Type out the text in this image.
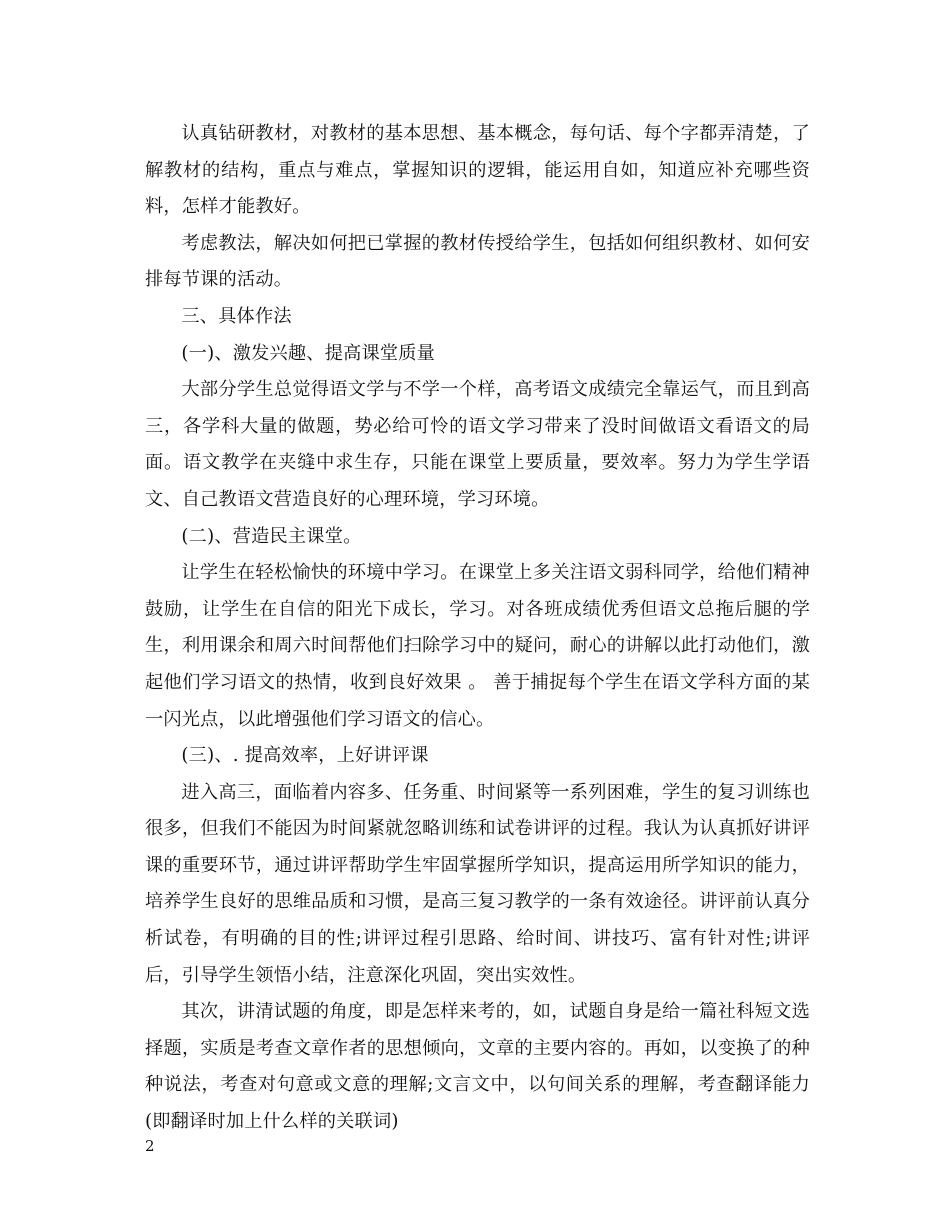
认真钻研教材，对教材的基本思想、基本概念，每句话、每个字都弄清楚，了解教材的结构，重点与难点，掌握知识的逻辑，能运用自如，知道应补充哪些资料，怎样才能教好。

考虑教法，解决如何把已掌握的教材传授给学生，包括如何组织教材、如何安排每节课的活动。

三、具体作法

(一)、激发兴趣、提高课堂质量

大部分学生总觉得语文学与不学一个样，高考语文成绩完全靠运气，而且到高三，各学科大量的做题，势必给可怜的语文学习带来了没时间做语文看语文的局面。语文教学在夹缝中求生存，只能在课堂上要质量，要效率。努力为学生学语文、自己教语文营造良好的心理环境，学习环境。

(二)、营造民主课堂。

让学生在轻松愉快的环境中学习。在课堂上多关注语文弱科同学，给他们精神鼓励，让学生在自信的阳光下成长，学习。对各班成绩优秀但语文总拖后腿的学生，利用课余和周六时间帮他们扫除学习中的疑问，耐心的讲解以此打动他们，激起他们学习语文的热情，收到良好效果 。 善于捕捉每个学生在语文学科方面的某一闪光点，以此增强他们学习语文的信心。

(三)、. 提高效率，上好讲评课

进入高三，面临着内容多、任务重、时间紧等一系列困难，学生的复习训练也很多，但我们不能因为时间紧就忽略训练和试卷讲评的过程。我认为认真抓好讲评课的重要环节，通过讲评帮助学生牢固掌握所学知识，提高运用所学知识的能力，培养学生良好的思维品质和习惯，是高三复习教学的一条有效途径。讲评前认真分析试卷，有明确的目的性;讲评过程引思路、给时间、讲技巧、富有针对性;讲评后，引导学生领悟小结，注意深化巩固，突出实效性。

其次，讲清试题的角度，即是怎样来考的，如，试题自身是给一篇社科短文选择题，实质是考查文章作者的思想倾向，文章的主要内容的。再如，以变换了的种种说法，考查对句意或文意的理解;文言文中，以句间关系的理解，考查翻译能力(即翻译时加上什么样的关联词)

2
